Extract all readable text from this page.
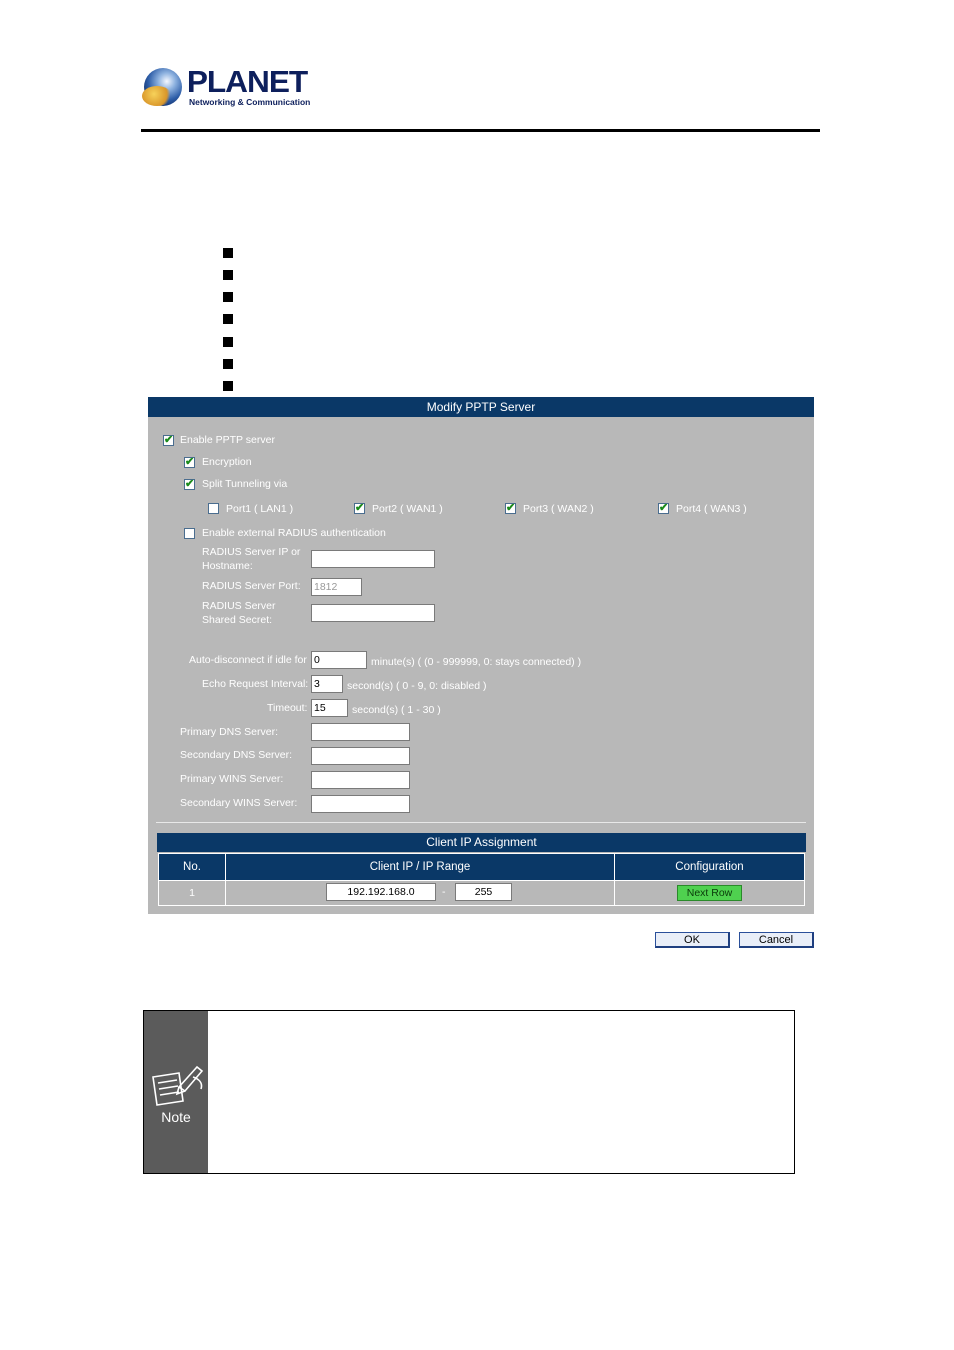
PLANET
Networking & Communication
Modify PPTP Server
✔ Enable PPTP server
✔ Encryption
✔ Split Tunneling via
Port1 ( LAN1 )	✔ Port2 ( WAN1 )	✔ Port3 ( WAN2 )	✔ Port4 ( WAN3 )
Enable external RADIUS authentication
RADIUS Server IP or
Hostname:
RADIUS Server Port: 1812
RADIUS Server
Shared Secret:
Auto-disconnect if idle for 0	minute(s) ( (0 - 999999, 0: stays connected) )
Echo Request Interval: 3	second(s) ( 0 - 9, 0: disabled )
Timeout: 15	second(s) ( 1 - 30 )
Primary DNS Server:
Secondary DNS Server:
Primary WINS Server:
Secondary WINS Server:
Client IP Assignment
No.	Client IP / IP Range	Configuration
1	192.192.168.0 - 255	Next Row
OK	Cancel
Note
